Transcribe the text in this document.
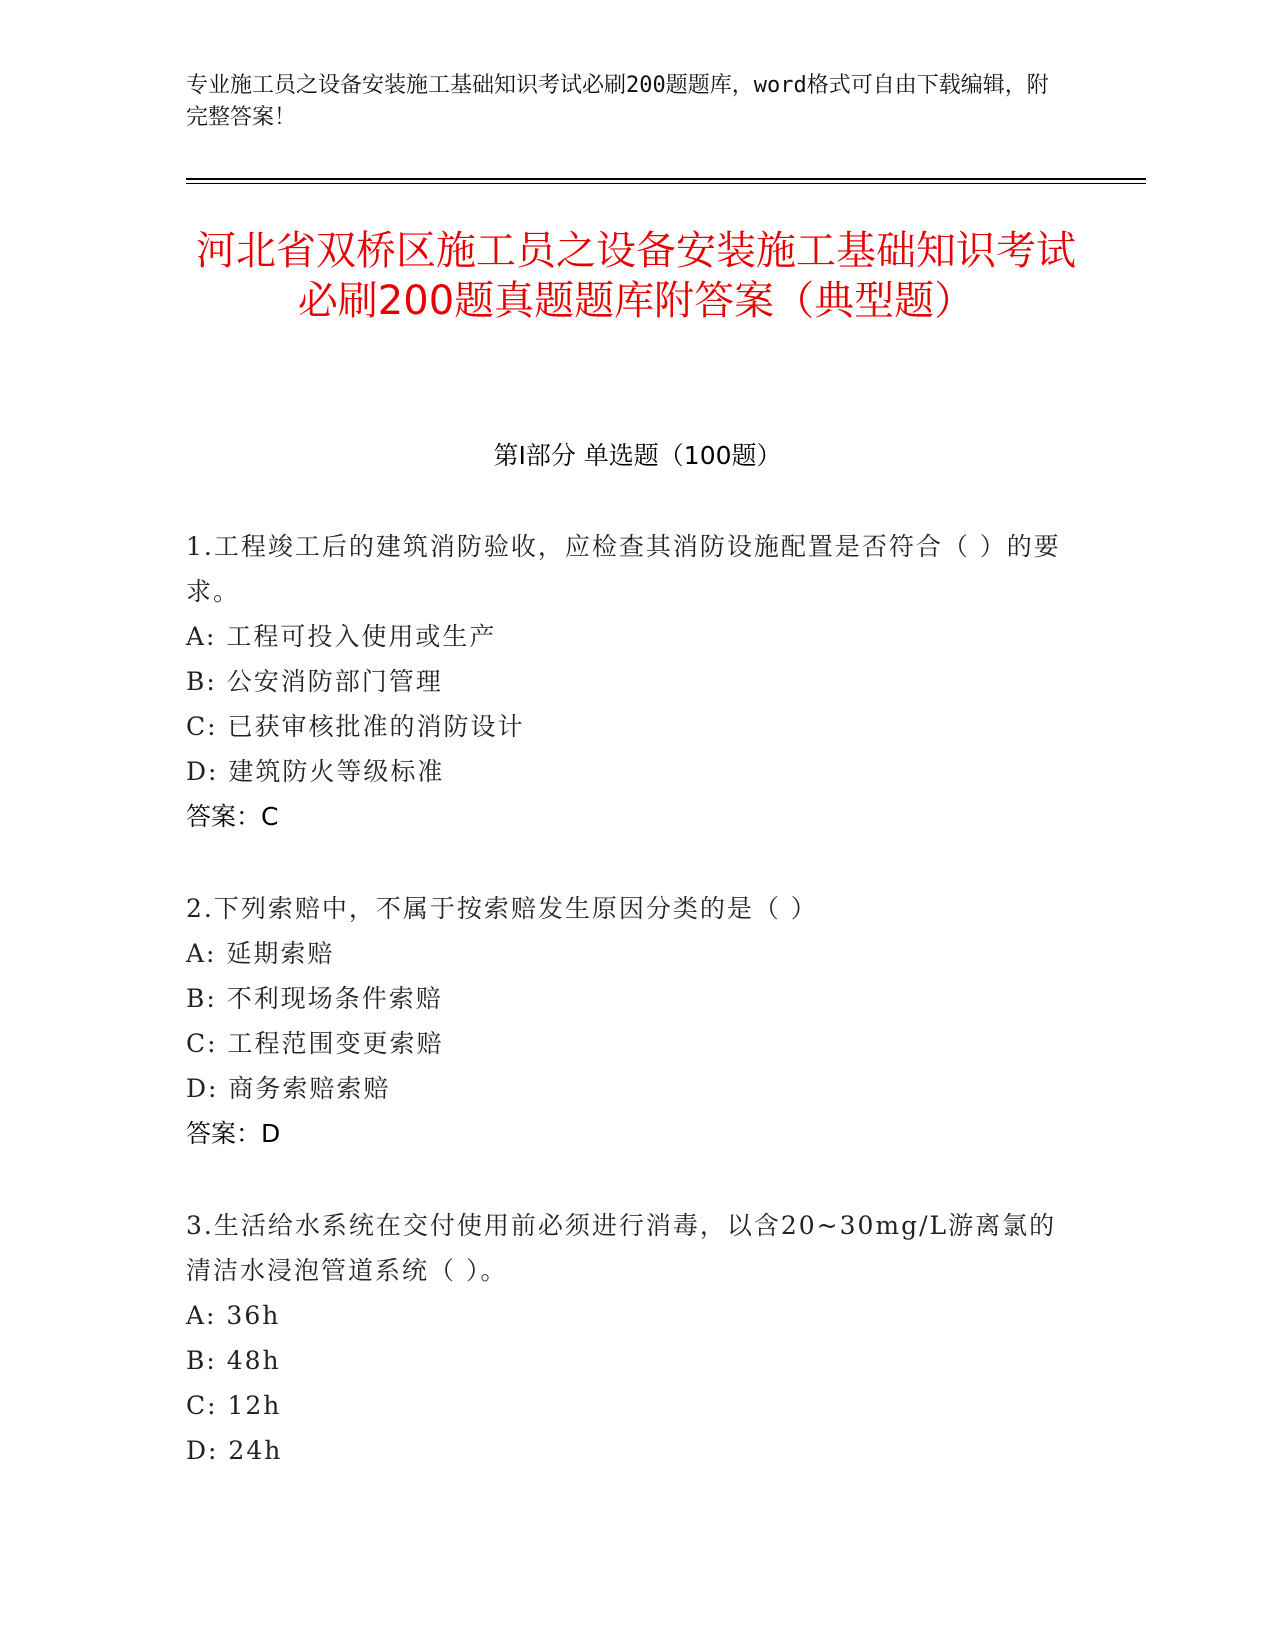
专业施工员之设备安装施工基础知识考试必刷200题题库，word格式可自由下载编辑，附完整答案！
河北省双桥区施工员之设备安装施工基础知识考试必刷200题真题题库附答案（典型题）
第Ⅰ部分 单选题（100题）
1.工程竣工后的建筑消防验收，应检查其消防设施配置是否符合（ ）的要求。
A: 工程可投入使用或生产
B: 公安消防部门管理
C: 已获审核批准的消防设计
D: 建筑防火等级标准
答案：C
2.下列索赔中，不属于按索赔发生原因分类的是（ ）
A: 延期索赔
B: 不利现场条件索赔
C: 工程范围变更索赔
D: 商务索赔索赔
答案：D
3.生活给水系统在交付使用前必须进行消毒，以含20~30mg/L游离氯的清洁水浸泡管道系统（ ）。
A: 36h
B: 48h
C: 12h
D: 24h
